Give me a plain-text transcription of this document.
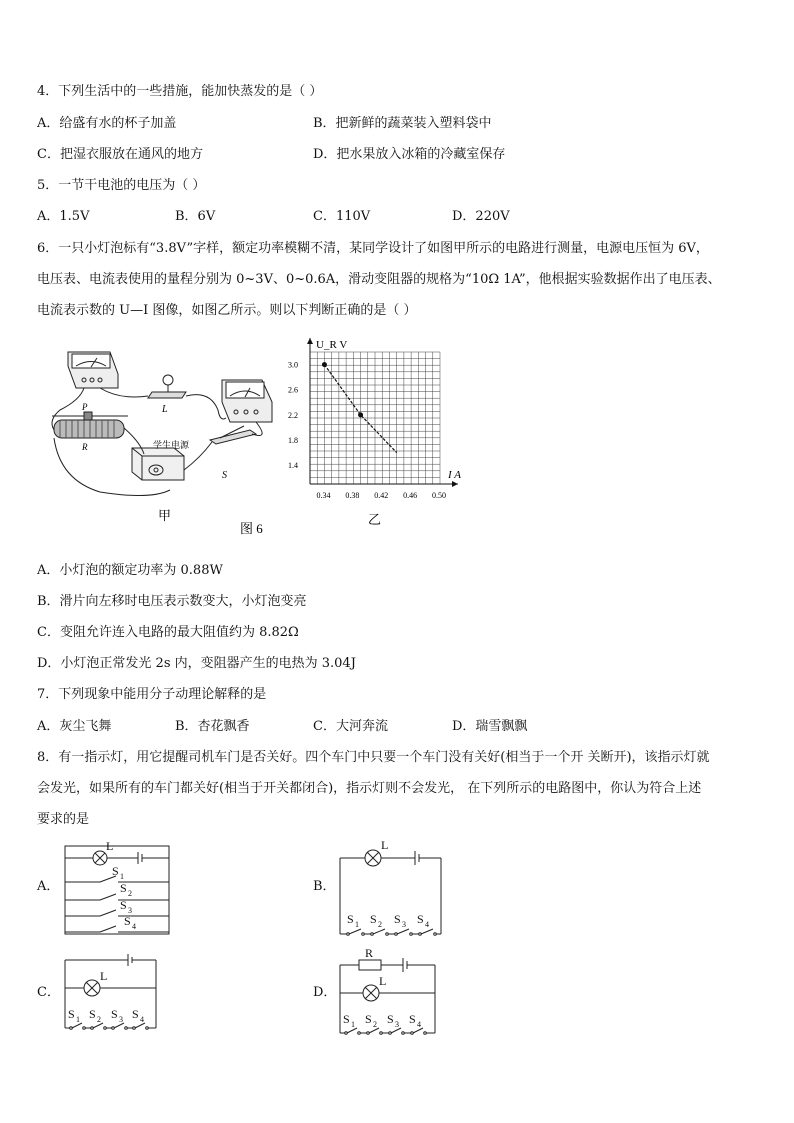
4．下列生活中的一些措施，能加快蒸发的是（ ）
A．给盛有水的杯子加盖	B．把新鲜的蔬菜装入塑料袋中
C．把湿衣服放在通风的地方	D．把水果放入冰箱的冷藏室保存
5．一节干电池的电压为（ ）
A．1.5V	B．6V	C．110V	D．220V
6．一只小灯泡标有“3.8V”字样，额定功率模糊不清，某同学设计了如图甲所示的电路进行测量，电源电压恒为 6V，
电压表、电流表使用的量程分别为 0~3V、0~0.6A，滑动变阻器的规格为“10Ω 1A”，他根据实验数据作出了电压表、
电流表示数的 U—I 图像，如图乙所示。则以下判断正确的是（ ）
学生电源
L
S
P
R
甲
图 6
乙
1.4
1.8
2.2
2.6
3.0
0.34 0.38 0.42 0.46 0.50
U_R V
I A
A．小灯泡的额定功率为 0.88W
B．滑片向左移时电压表示数变大，小灯泡变亮
C．变阻允许连入电路的最大阻值约为 8.82Ω
D．小灯泡正常发光 2s 内，变阻器产生的电热为 3.04J
7．下列现象中能用分子动理论解释的是
A．灰尘飞舞	B．杏花飘香	C．大河奔流	D．瑞雪飘飘
8．有一指示灯，用它提醒司机车门是否关好。四个车门中只要一个车门没有关好(相当于一个开 关断开)，该指示灯就
会发光，如果所有的车门都关好(相当于开关都闭合)，指示灯则不会发光， 在下列所示的电路图中，你认为符合上述
要求的是
A．	B．
C．	D．
L
S 1
S 2
S 3
S 4
L
S 1 S 2 S 3 S 4
L
S 1 S 2 S 3 S 4
R
L
S 1 S 2 S 3 S 4
